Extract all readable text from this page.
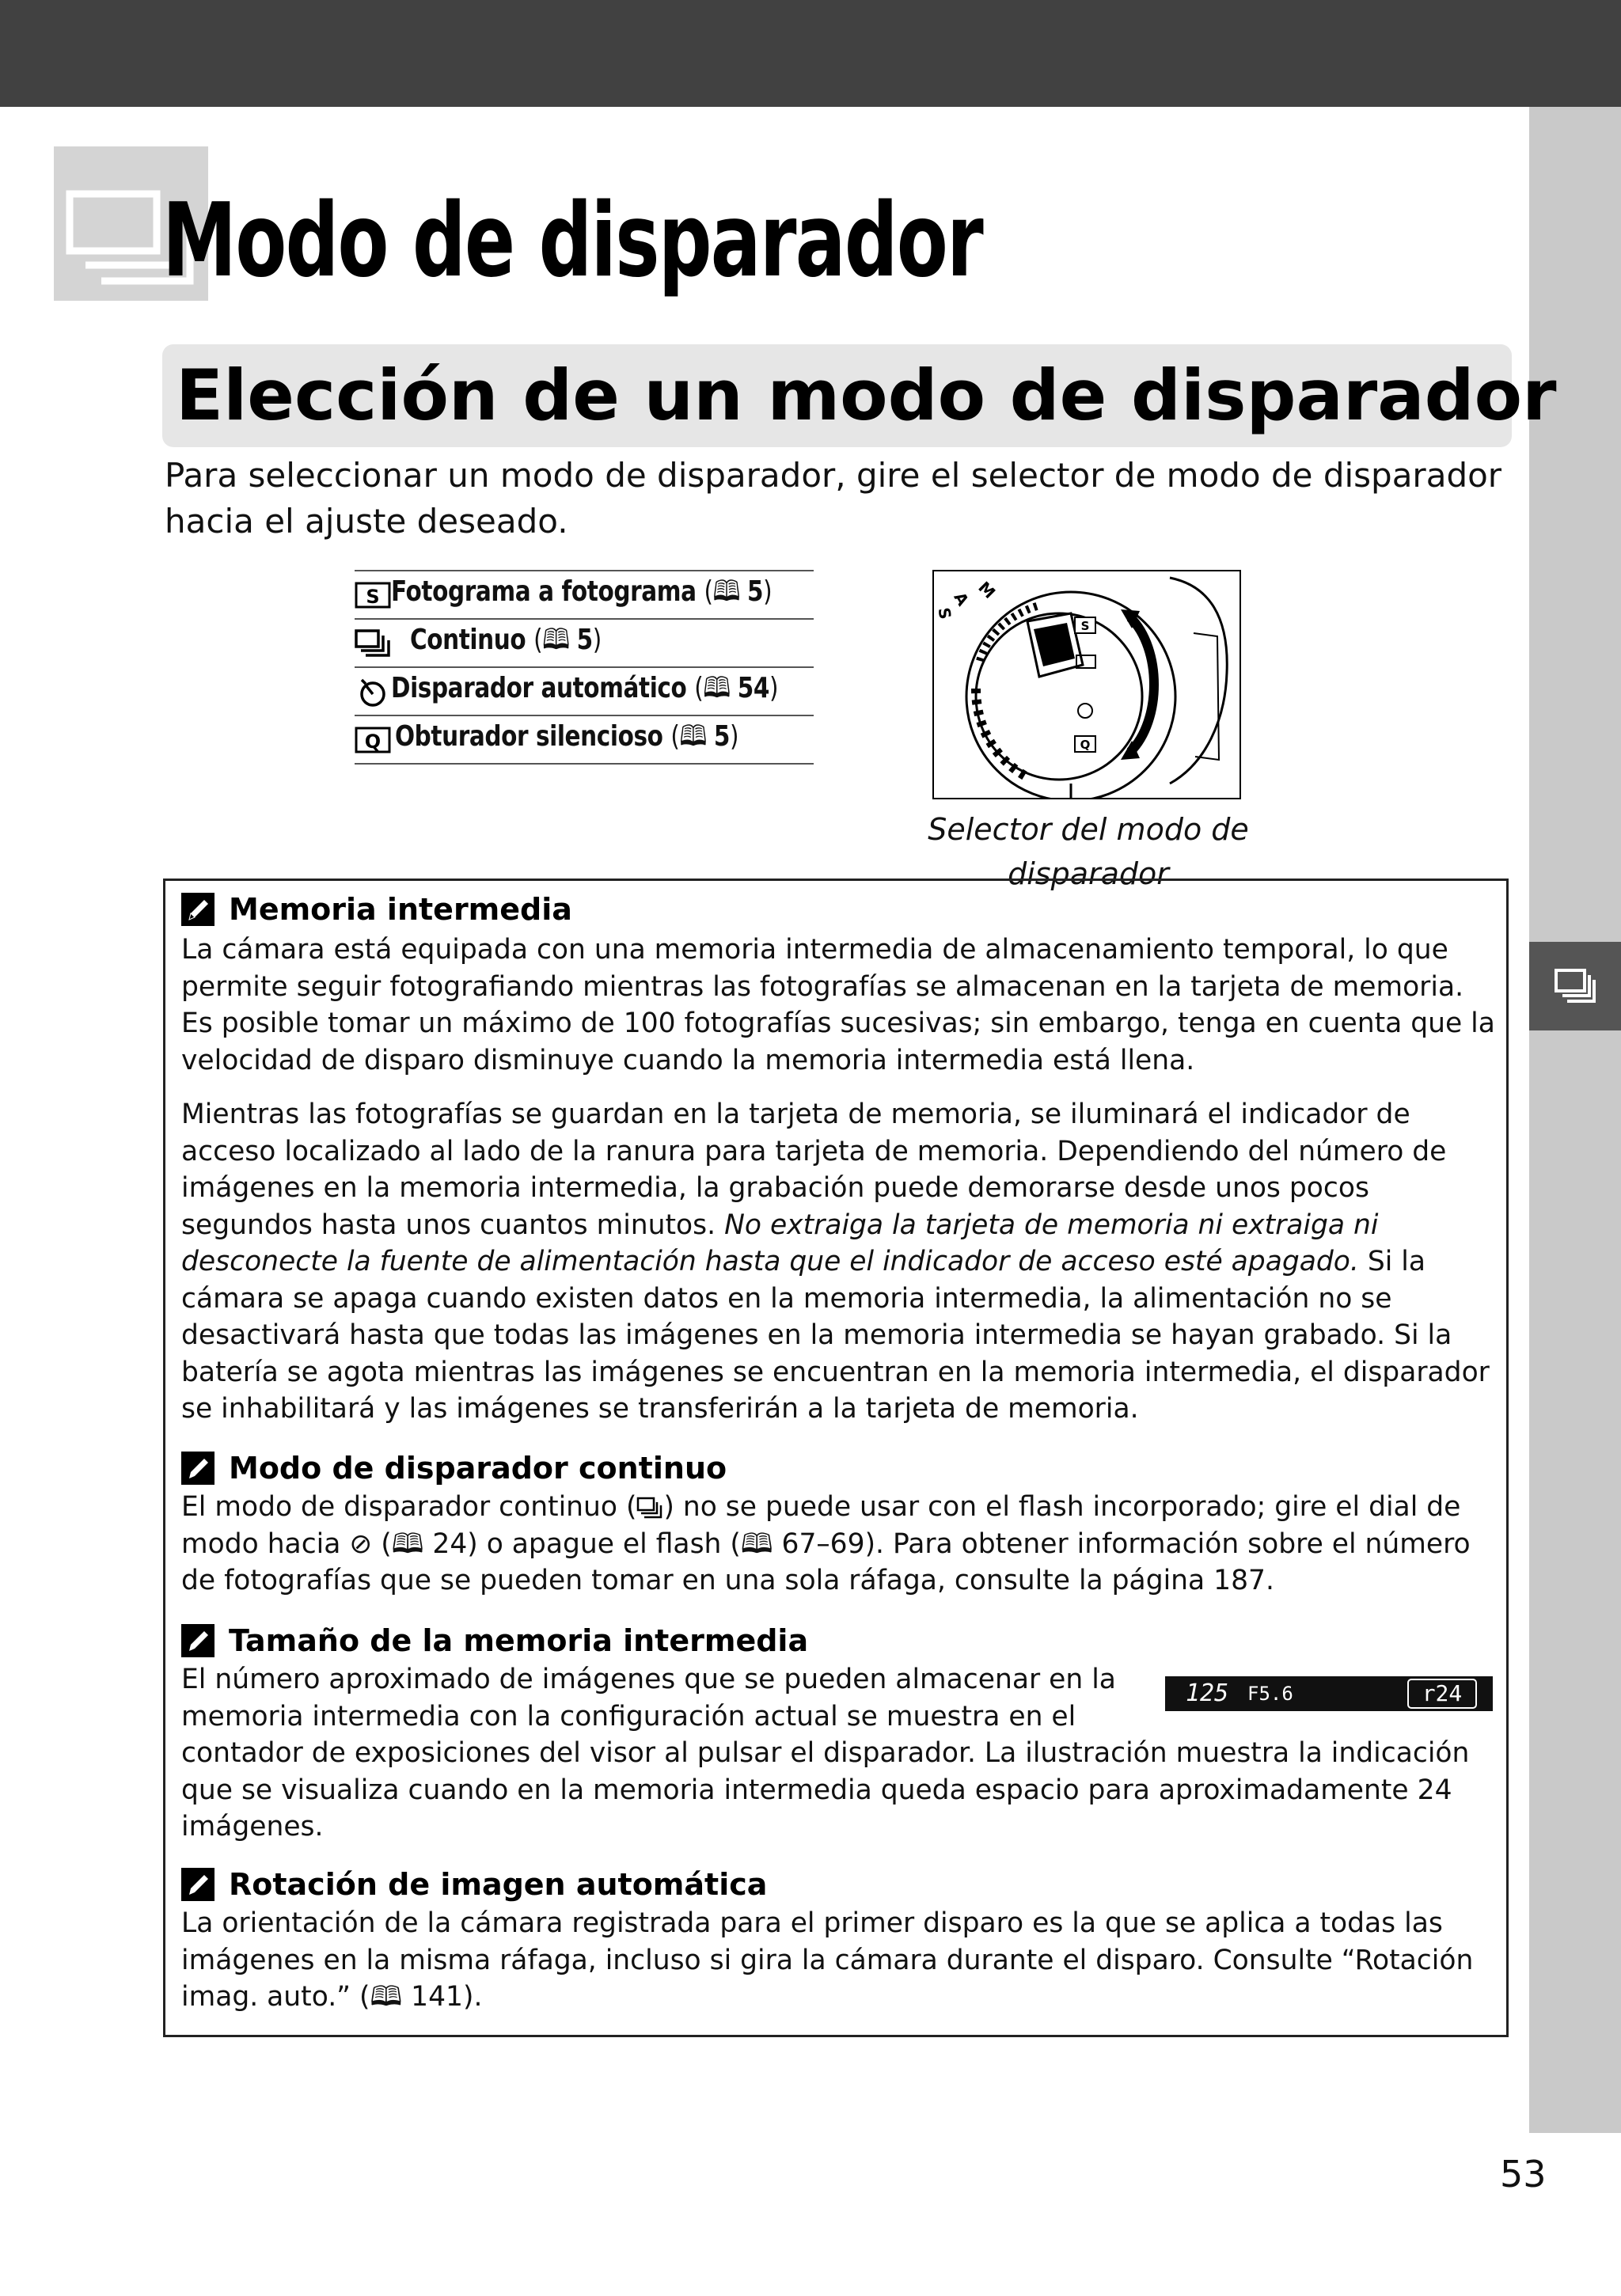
Modo de disparador
Elección de un modo de disparador

Para seleccionar un modo de disparador, gire el selector de modo de disparador hacia el ajuste deseado.

S Fotograma a fotograma (🕮 5)
Continuo (🕮 5)
Disparador automático (🕮 54)
Q Obturador silencioso (🕮 5)
S
Q
S
A M

Selector del modo de disparador

Memoria intermedia

La cámara está equipada con una memoria intermedia de almacenamiento temporal, lo que permite seguir fotografiando mientras las fotografías se almacenan en la tarjeta de memoria. Es posible tomar un máximo de 100 fotografías sucesivas; sin embargo, tenga en cuenta que la velocidad de disparo disminuye cuando la memoria intermedia está llena.

Mientras las fotografías se guardan en la tarjeta de memoria, se iluminará el indicador de acceso localizado al lado de la ranura para tarjeta de memoria. Dependiendo del número de imágenes en la memoria intermedia, la grabación puede demorarse desde unos pocos segundos hasta unos cuantos minutos. No extraiga la tarjeta de memoria ni extraiga ni desconecte la fuente de alimentación hasta que el indicador de acceso esté apagado. Si la cámara se apaga cuando existen datos en la memoria intermedia, la alimentación no se desactivará hasta que todas las imágenes en la memoria intermedia se hayan grabado. Si la batería se agota mientras las imágenes se encuentran en la memoria intermedia, el disparador se inhabilitará y las imágenes se transferirán a la tarjeta de memoria.

Modo de disparador continuo

El modo de disparador continuo ( ) no se puede usar con el flash incorporado; gire el dial de modo hacia ⊘ (🕮 24) o apague el flash (🕮 67–69). Para obtener información sobre el número de fotografías que se pueden tomar en una sola ráfaga, consulte la página 187.

Tamaño de la memoria intermedia

El número aproximado de imágenes que se pueden almacenar en la memoria intermedia con la configuración actual se muestra en el contador de exposiciones del visor al pulsar el disparador. La ilustración muestra la indicación que se visualiza cuando en la memoria intermedia queda espacio para aproximadamente 24 imágenes.

Rotación de imagen automática

La orientación de la cámara registrada para el primer disparo es la que se aplica a todas las imágenes en la misma ráfaga, incluso si gira la cámara durante el disparo. Consulte “Rotación imag. auto.” (🕮 141).

125 F5.6	r24

53
